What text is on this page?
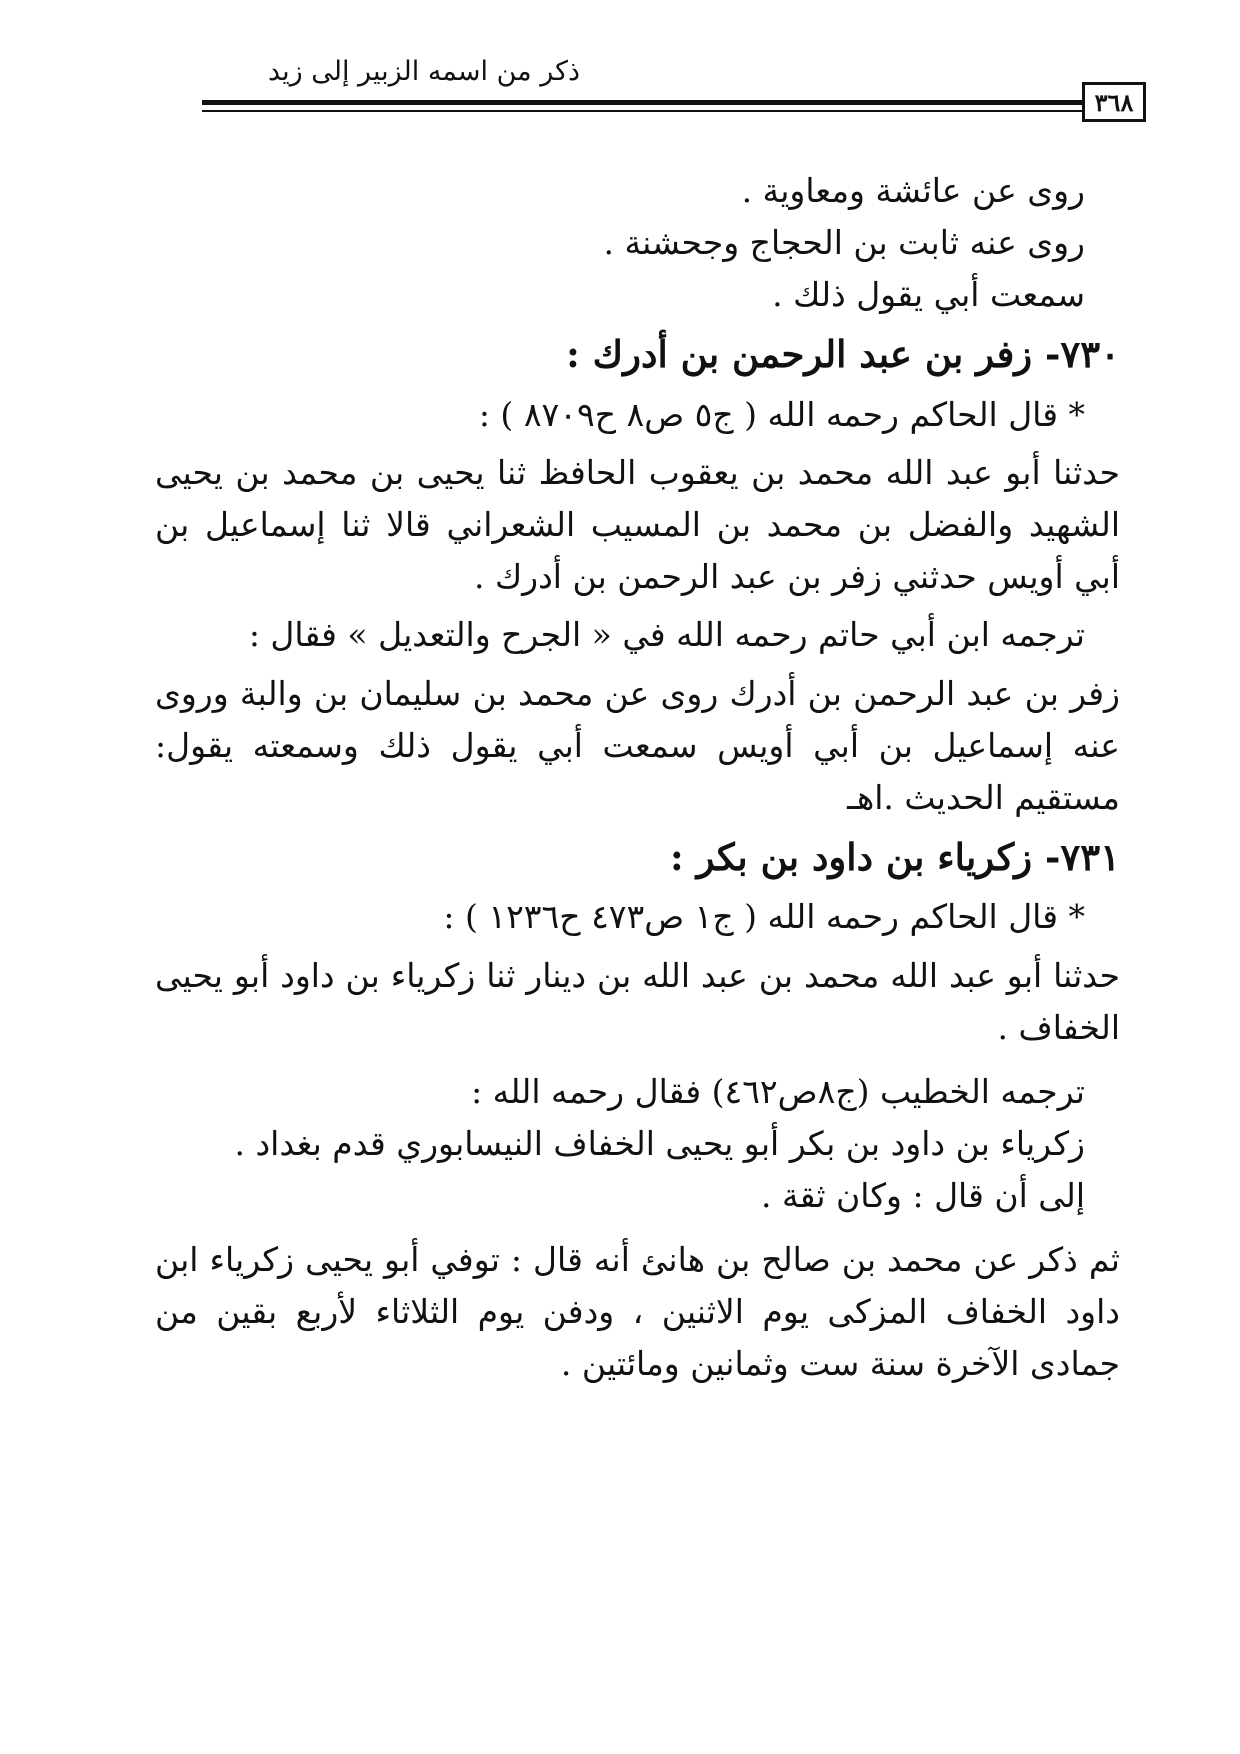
ذكر من اسمه الزبير إلى زيد
٣٦٨

روى عن عائشة ومعاوية .

روى عنه ثابت بن الحجاج وجحشنة .

سمعت أبي يقول ذلك .

٧٣٠- زفر بن عبد الرحمن بن أدرك :

* قال الحاكم رحمه الله ( ج٥ ص٨ ح٨٧٠٩ ) :

حدثنا أبو عبد الله محمد بن يعقوب الحافظ ثنا يحيى بن محمد بن يحيى الشهيد والفضل بن محمد بن المسيب الشعراني قالا ثنا إسماعيل بن أبي أويس حدثني زفر بن عبد الرحمن بن أدرك .

ترجمه ابن أبي حاتم رحمه الله في « الجرح والتعديل » فقال :

زفر بن عبد الرحمن بن أدرك روى عن محمد بن سليمان بن والبة وروى عنه إسماعيل بن أبي أويس سمعت أبي يقول ذلك وسمعته يقول: مستقيم الحديث .اهـ

٧٣١- زكرياء بن داود بن بكر :

* قال الحاكم رحمه الله ( ج١ ص٤٧٣ ح١٢٣٦ ) :

حدثنا أبو عبد الله محمد بن عبد الله بن دينار ثنا زكرياء بن داود أبو يحيى الخفاف .

ترجمه الخطيب (ج٨ص٤٦٢) فقال رحمه الله :

زكرياء بن داود بن بكر أبو يحيى الخفاف النيسابوري قدم بغداد .

إلى أن قال : وكان ثقة .

ثم ذكر عن محمد بن صالح بن هانئ أنه قال : توفي أبو يحيى زكرياء ابن داود الخفاف المزكى يوم الاثنين ، ودفن يوم الثلاثاء لأربع بقين من جمادى الآخرة سنة ست وثمانين ومائتين .
